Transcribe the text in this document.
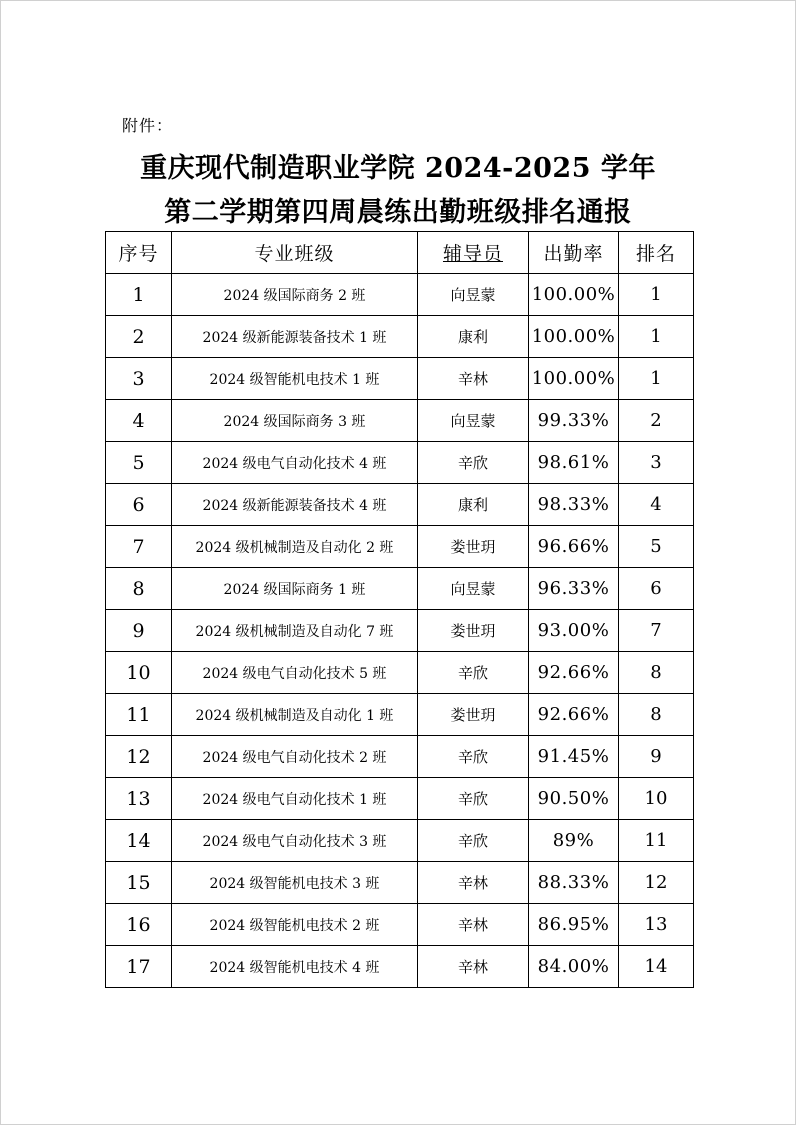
附件：
重庆现代制造职业学院 2024-2025 学年
第二学期第四周晨练出勤班级排名通报
序号	专业班级	辅导员	出勤率	排名
1	2024 级国际商务 2 班	向昱蒙	100.00%	1
2	2024 级新能源装备技术 1 班	康利	100.00%	1
3	2024 级智能机电技术 1 班	辛林	100.00%	1
4	2024 级国际商务 3 班	向昱蒙	99.33%	2
5	2024 级电气自动化技术 4 班	辛欣	98.61%	3
6	2024 级新能源装备技术 4 班	康利	98.33%	4
7	2024 级机械制造及自动化 2 班	娄世玥	96.66%	5
8	2024 级国际商务 1 班	向昱蒙	96.33%	6
9	2024 级机械制造及自动化 7 班	娄世玥	93.00%	7
10	2024 级电气自动化技术 5 班	辛欣	92.66%	8
11	2024 级机械制造及自动化 1 班	娄世玥	92.66%	8
12	2024 级电气自动化技术 2 班	辛欣	91.45%	9
13	2024 级电气自动化技术 1 班	辛欣	90.50%	10
14	2024 级电气自动化技术 3 班	辛欣	89%	11
15	2024 级智能机电技术 3 班	辛林	88.33%	12
16	2024 级智能机电技术 2 班	辛林	86.95%	13
17	2024 级智能机电技术 4 班	辛林	84.00%	14
